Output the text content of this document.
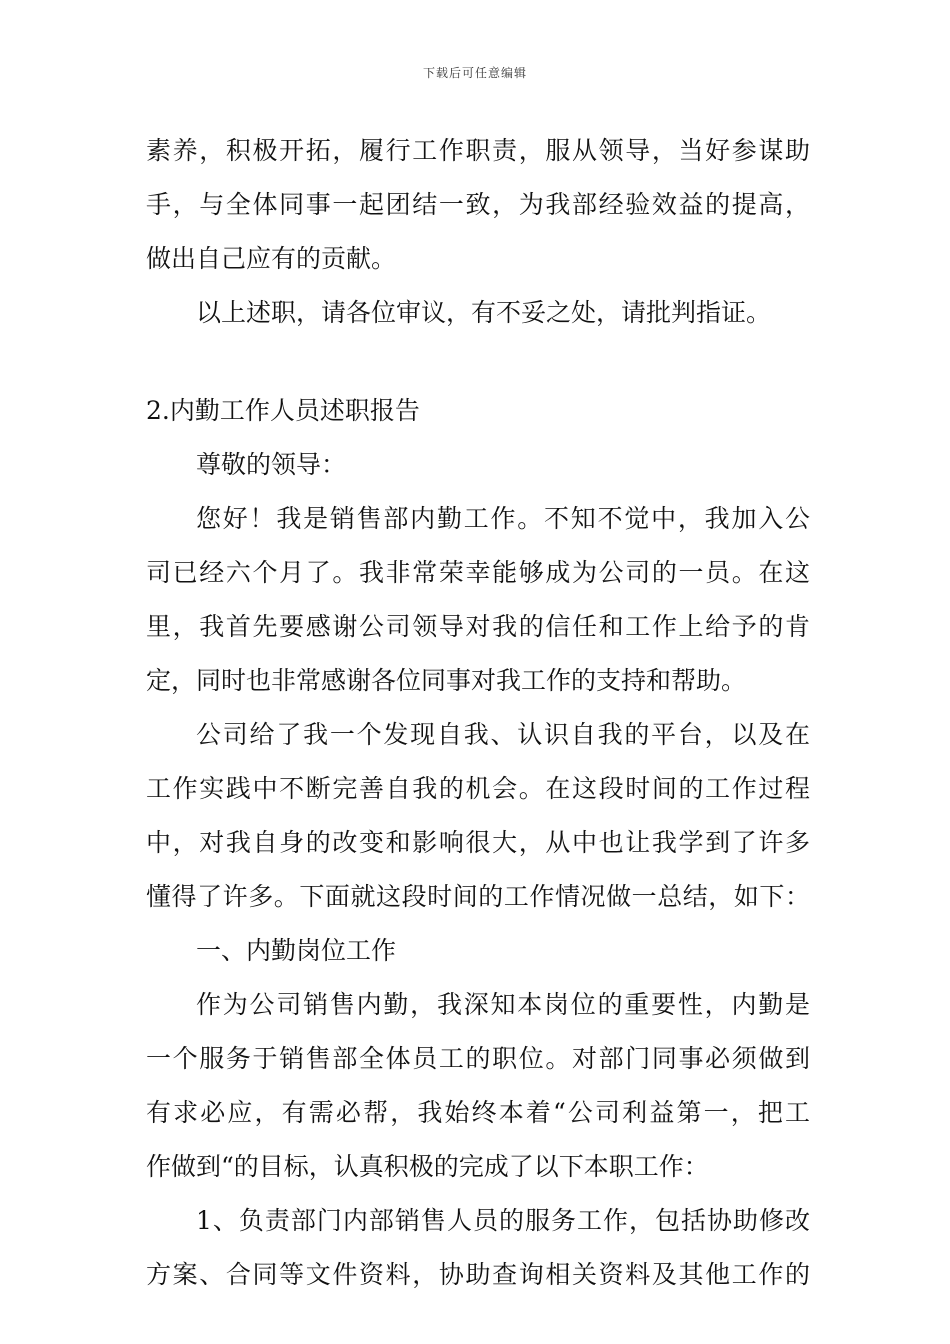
下载后可任意编辑
素养，积极开拓，履行工作职责，服从领导，当好参谋助
手，与全体同事一起团结一致，为我部经验效益的提高，
做出自己应有的贡献。
以上述职，请各位审议，有不妥之处，请批判指证。
2.内勤工作人员述职报告
尊敬的领导：
您好！我是销售部内勤工作。不知不觉中，我加入公
司已经六个月了。我非常荣幸能够成为公司的一员。在这
里，我首先要感谢公司领导对我的信任和工作上给予的肯
定，同时也非常感谢各位同事对我工作的支持和帮助。
公司给了我一个发现自我、认识自我的平台，以及在
工作实践中不断完善自我的机会。在这段时间的工作过程
中，对我自身的改变和影响很大，从中也让我学到了许多
懂得了许多。下面就这段时间的工作情况做一总结，如下：
一、内勤岗位工作
作为公司销售内勤，我深知本岗位的重要性，内勤是
一个服务于销售部全体员工的职位。对部门同事必须做到
有求必应，有需必帮，我始终本着“公司利益第一，把工
作做到“的目标，认真积极的完成了以下本职工作：
1、负责部门内部销售人员的服务工作，包括协助修改
方案、合同等文件资料，协助查询相关资料及其他工作的
